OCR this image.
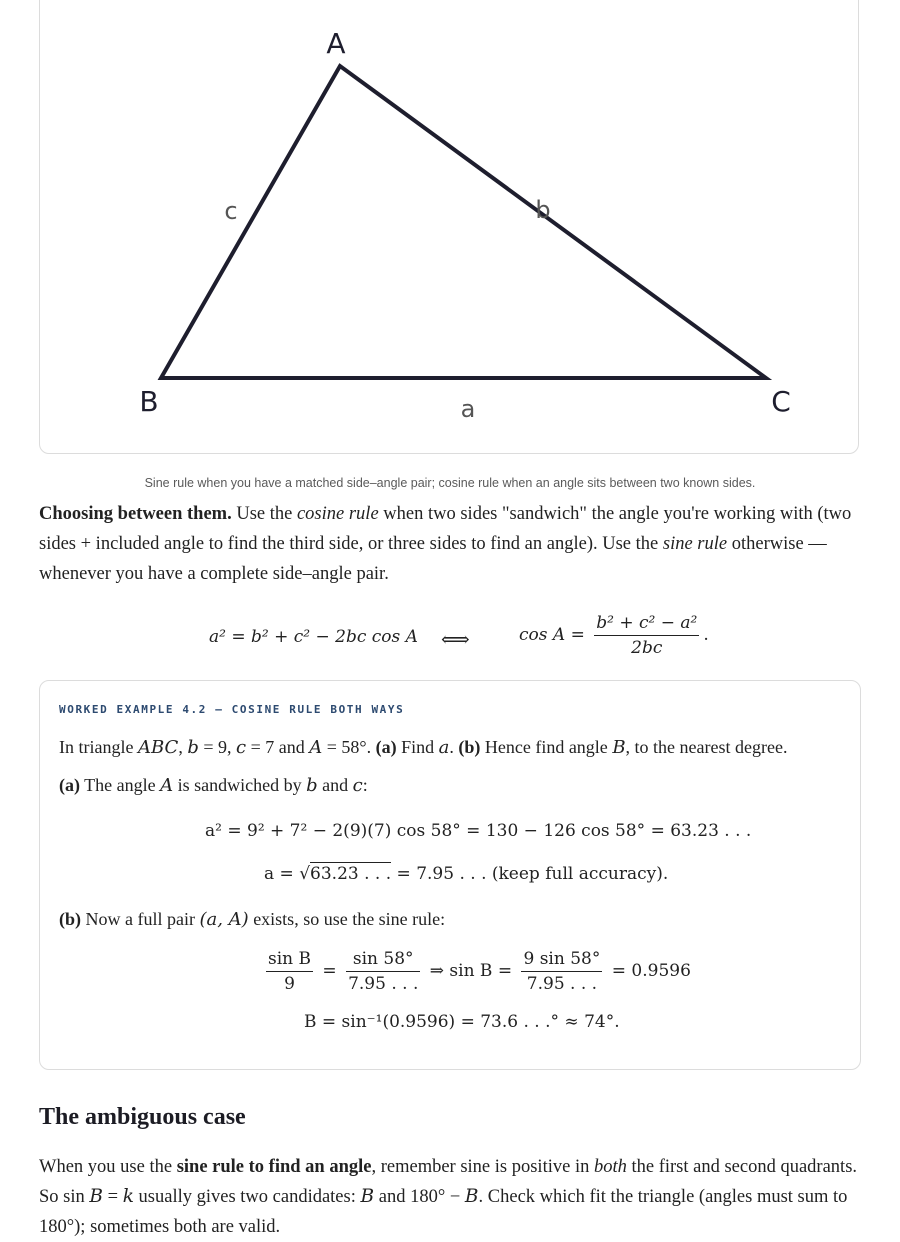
A
B	C
c	b
a
Sine rule when you have a matched side–angle pair; cosine rule when an angle sits between two known sides.

Choosing between them. Use the cosine rule when two sides "sandwich" the angle you're working with (two sides + included angle to find the third side, or three sides to find an angle). Use the sine rule otherwise — whenever you have a complete side–angle pair.

a² = b² + c² − 2bc cos A ⟺	$\cos A = \frac{\text{b² + c² − a²}}{2bc}$ .
WORKED EXAMPLE 4.2 — COSINE RULE BOTH WAYS
In triangle ABC, b = 9, c = 7 and A = 58°. (a) Find a. (b) Hence find angle B, to the nearest degree.
(a) The angle A is sandwiched by b and c:
a² = 9² + 7² − 2(9)(7) cos 58° = 130 − 126 cos 58° = 63.23 . . .
a = √63.23 . . . = 7.95 . . . (keep full accuracy).
(b) Now a full pair (a, A) exists, so use the sine rule:
$\frac{\text{sin B}}{9} = \frac{\sin 58^\circ}{7.95 . . .}$ ⇒ $\sin B = \frac{9 \sin 58^\circ}{7.95 . . .} = 0.9596$
B = sin⁻¹(0.9596) = 73.6 . . .° ≈ 74°.
The ambiguous case

When you use the sine rule to find an angle, remember sine is positive in both the first and second quadrants. So sin B = k usually gives two candidates: B and 180° − B. Check which fit the triangle (angles must sum to 180°); sometimes both are valid.
